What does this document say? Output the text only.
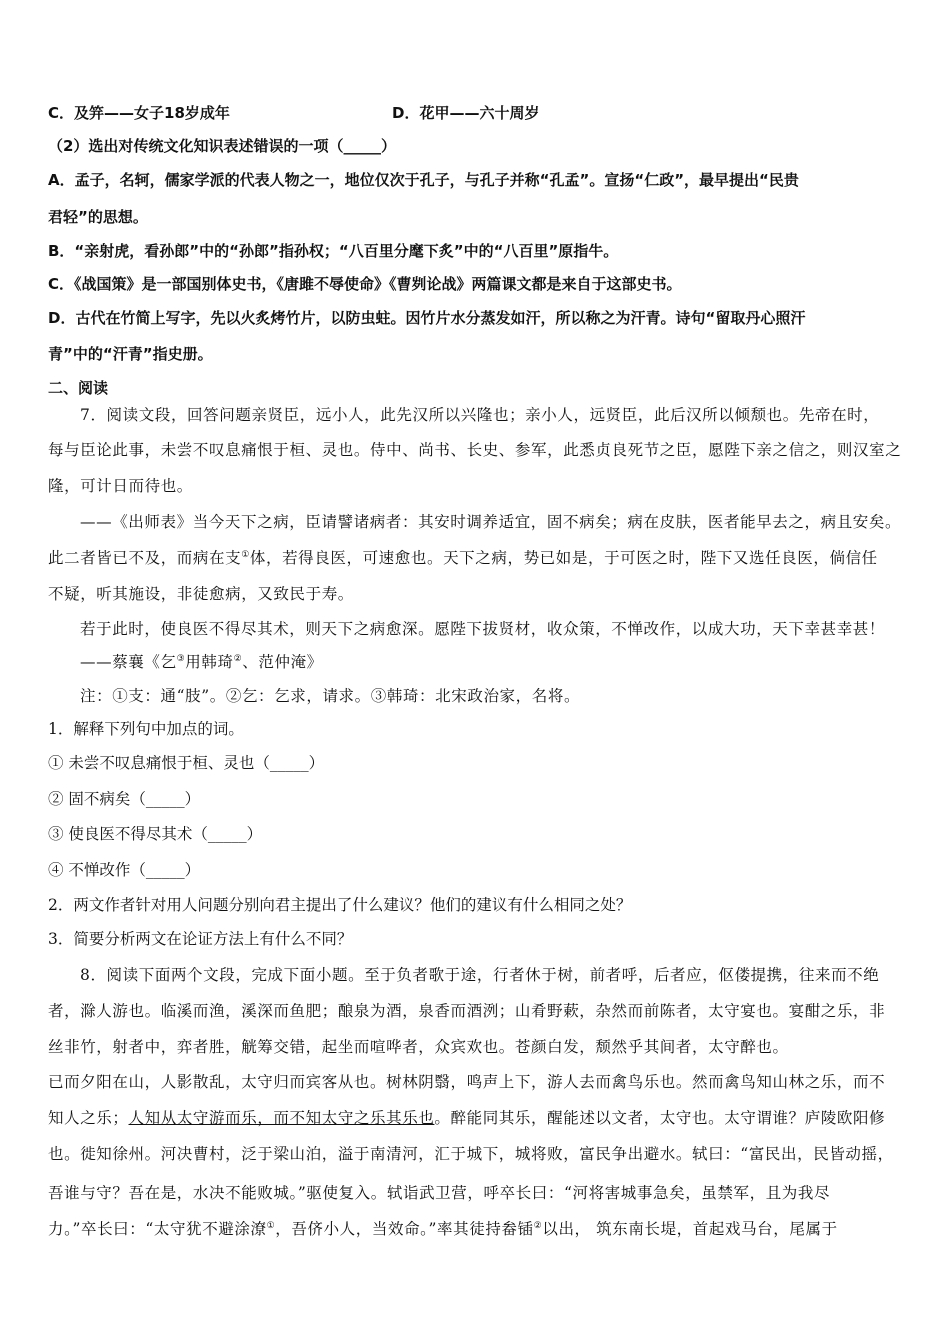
C．及笄——女子18岁成年	D．花甲——六十周岁
（2）选出对传统文化知识表述错误的一项（_____）
A．孟子，名轲，儒家学派的代表人物之一，地位仅次于孔子，与孔子并称“孔孟”。宣扬“仁政”，最早提出“民贵
君轻”的思想。
B．“亲射虎，看孙郎”中的“孙郎”指孙权；“八百里分麾下炙”中的“八百里”原指牛。
C．《战国策》是一部国别体史书，《唐雎不辱使命》《曹刿论战》两篇课文都是来自于这部史书。
D．古代在竹简上写字，先以火炙烤竹片，以防虫蛀。因竹片水分蒸发如汗，所以称之为汗青。诗句“留取丹心照汗
青”中的“汗青”指史册。
二、阅读
7．阅读文段，回答问题亲贤臣，远小人，此先汉所以兴隆也；亲小人，远贤臣，此后汉所以倾颓也。先帝在时，
每与臣论此事，未尝不叹息痛恨于桓、灵也。侍中、尚书、长史、参军，此悉贞良死节之臣，愿陛下亲之信之，则汉室之
隆，可计日而待也。
——《出师表》当今天下之病，臣请譬诸病者：其安时调养适宜，固不病矣；病在皮肤，医者能早去之，病且安矣。
此二者皆已不及，而病在支①体，若得良医，可速愈也。天下之病，势已如是，于可医之时，陛下又选任良医，倘信任
不疑，听其施设，非徒愈病，又致民于寿。
若于此时，使良医不得尽其术，则天下之病愈深。愿陛下拔贤材，收众策，不惮改作，以成大功，天下幸甚幸甚！
——蔡襄《乞③用韩琦②、范仲淹》
注：①支：通“肢”。②乞：乞求，请求。③韩琦：北宋政治家，名将。
1．解释下列句中加点的词。
① 未尝不叹息痛恨于桓、灵也（_____）
② 固不病矣（_____）
③ 使良医不得尽其术（_____）
④ 不惮改作（_____）
2．两文作者针对用人问题分别向君主提出了什么建议？他们的建议有什么相同之处？
3．简要分析两文在论证方法上有什么不同？
8．阅读下面两个文段，完成下面小题。至于负者歌于途，行者休于树，前者呼，后者应，伛偻提携，往来而不绝
者，滁人游也。临溪而渔，溪深而鱼肥；酿泉为酒，泉香而酒洌；山肴野蔌，杂然而前陈者，太守宴也。宴酣之乐，非
丝非竹，射者中，弈者胜，觥筹交错，起坐而喧哗者，众宾欢也。苍颜白发，颓然乎其间者，太守醉也。
已而夕阳在山，人影散乱，太守归而宾客从也。树林阴翳，鸣声上下，游人去而禽鸟乐也。然而禽鸟知山林之乐，而不
知人之乐；人知从太守游而乐，而不知太守之乐其乐也。醉能同其乐，醒能述以文者，太守也。太守谓谁？庐陵欧阳修
也。徙知徐州。河决曹村，泛于梁山泊，溢于南清河，汇于城下，城将败，富民争出避水。轼曰：“富民出，民皆动摇，
吾谁与守？吾在是，水决不能败城。”驱使复入。轼诣武卫营，呼卒长曰：“河将害城事急矣，虽禁军，且为我尽
力。”卒长曰：“太守犹不避涂潦①，吾侪小人，当效命。”率其徒持畚锸②以出， 筑东南长堤，首起戏马台，尾属于
